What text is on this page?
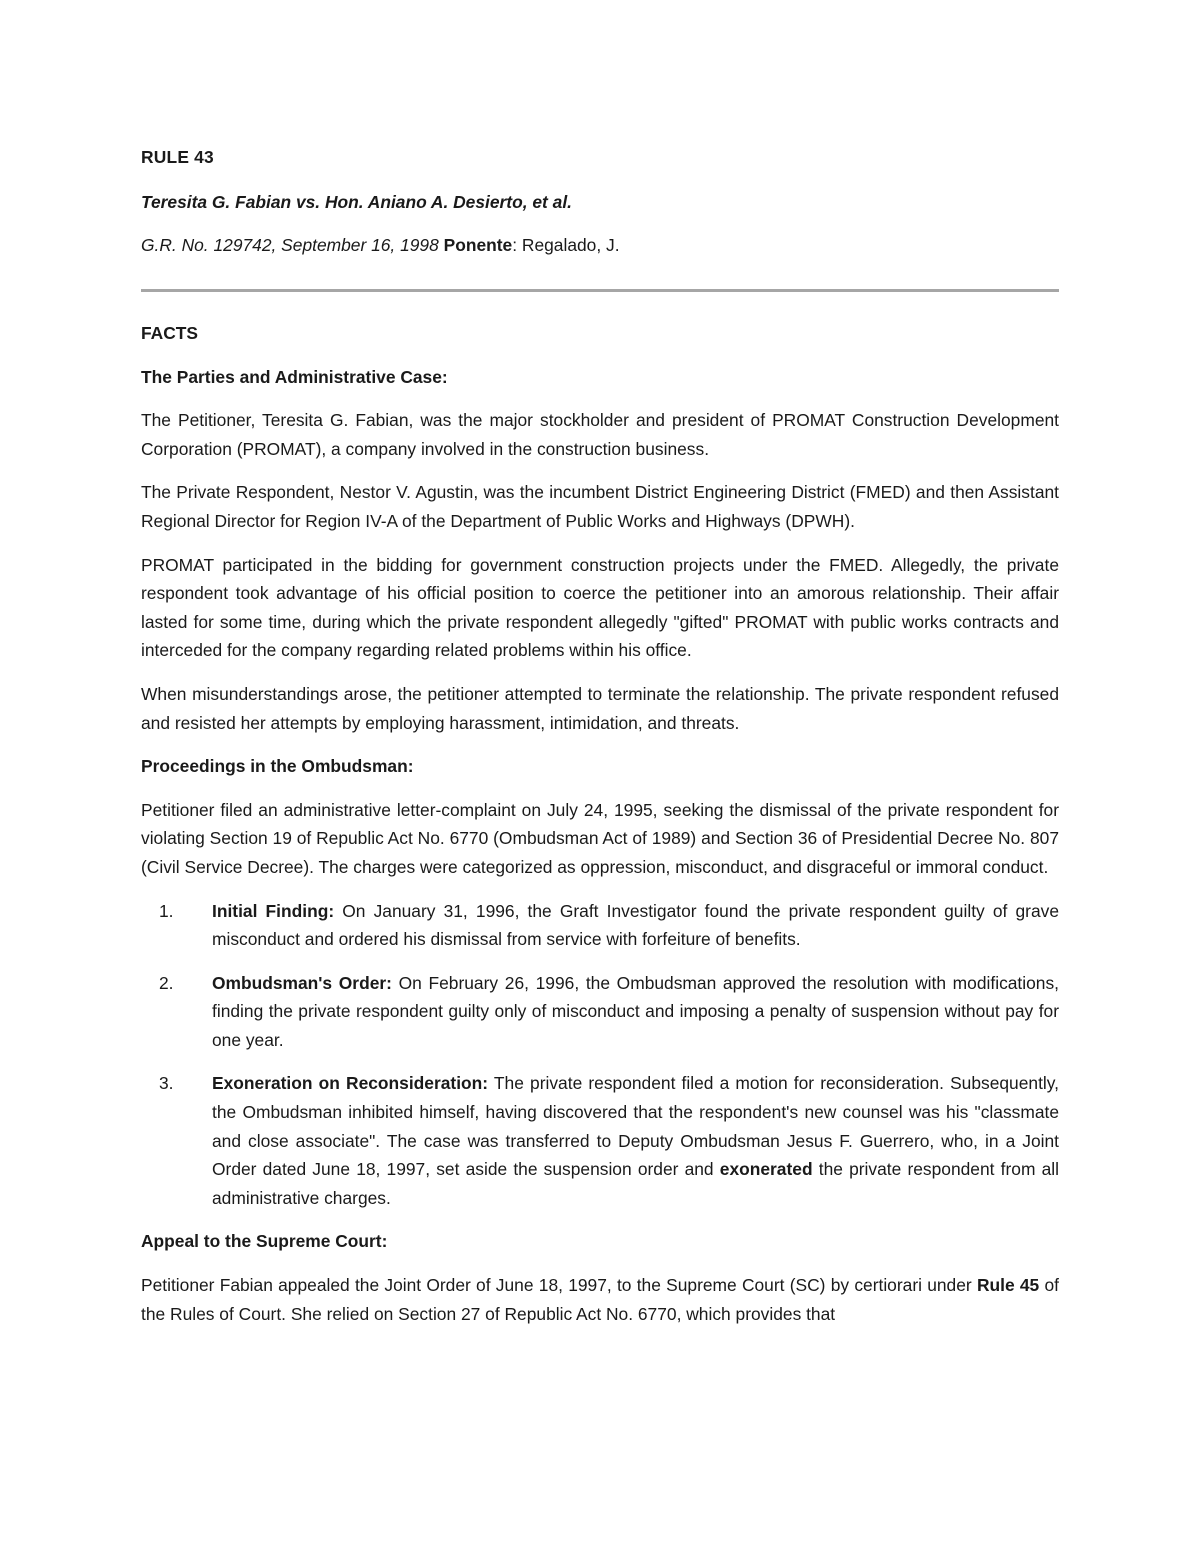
RULE 43

Teresita G. Fabian vs. Hon. Aniano A. Desierto, et al.

G.R. No. 129742, September 16, 1998 Ponente: Regalado, J.

FACTS
The Parties and Administrative Case:

The Petitioner, Teresita G. Fabian, was the major stockholder and president of PROMAT Construction Development Corporation (PROMAT), a company involved in the construction business.

The Private Respondent, Nestor V. Agustin, was the incumbent District Engineering District (FMED) and then Assistant Regional Director for Region IV-A of the Department of Public Works and Highways (DPWH).

PROMAT participated in the bidding for government construction projects under the FMED. Allegedly, the private respondent took advantage of his official position to coerce the petitioner into an amorous relationship. Their affair lasted for some time, during which the private respondent allegedly "gifted" PROMAT with public works contracts and interceded for the company regarding related problems within his office.

When misunderstandings arose, the petitioner attempted to terminate the relationship. The private respondent refused and resisted her attempts by employing harassment, intimidation, and threats.

Proceedings in the Ombudsman:

Petitioner filed an administrative letter-complaint on July 24, 1995, seeking the dismissal of the private respondent for violating Section 19 of Republic Act No. 6770 (Ombudsman Act of 1989) and Section 36 of Presidential Decree No. 807 (Civil Service Decree). The charges were categorized as oppression, misconduct, and disgraceful or immoral conduct.

1. Initial Finding: On January 31, 1996, the Graft Investigator found the private respondent guilty of grave misconduct and ordered his dismissal from service with forfeiture of benefits.
2. Ombudsman's Order: On February 26, 1996, the Ombudsman approved the resolution with modifications, finding the private respondent guilty only of misconduct and imposing a penalty of suspension without pay for one year.
3. Exoneration on Reconsideration: The private respondent filed a motion for reconsideration. Subsequently, the Ombudsman inhibited himself, having discovered that the respondent's new counsel was his "classmate and close associate". The case was transferred to Deputy Ombudsman Jesus F. Guerrero, who, in a Joint Order dated June 18, 1997, set aside the suspension order and exonerated the private respondent from all administrative charges.
Appeal to the Supreme Court:

Petitioner Fabian appealed the Joint Order of June 18, 1997, to the Supreme Court (SC) by certiorari under Rule 45 of the Rules of Court. She relied on Section 27 of Republic Act No. 6770, which provides that
